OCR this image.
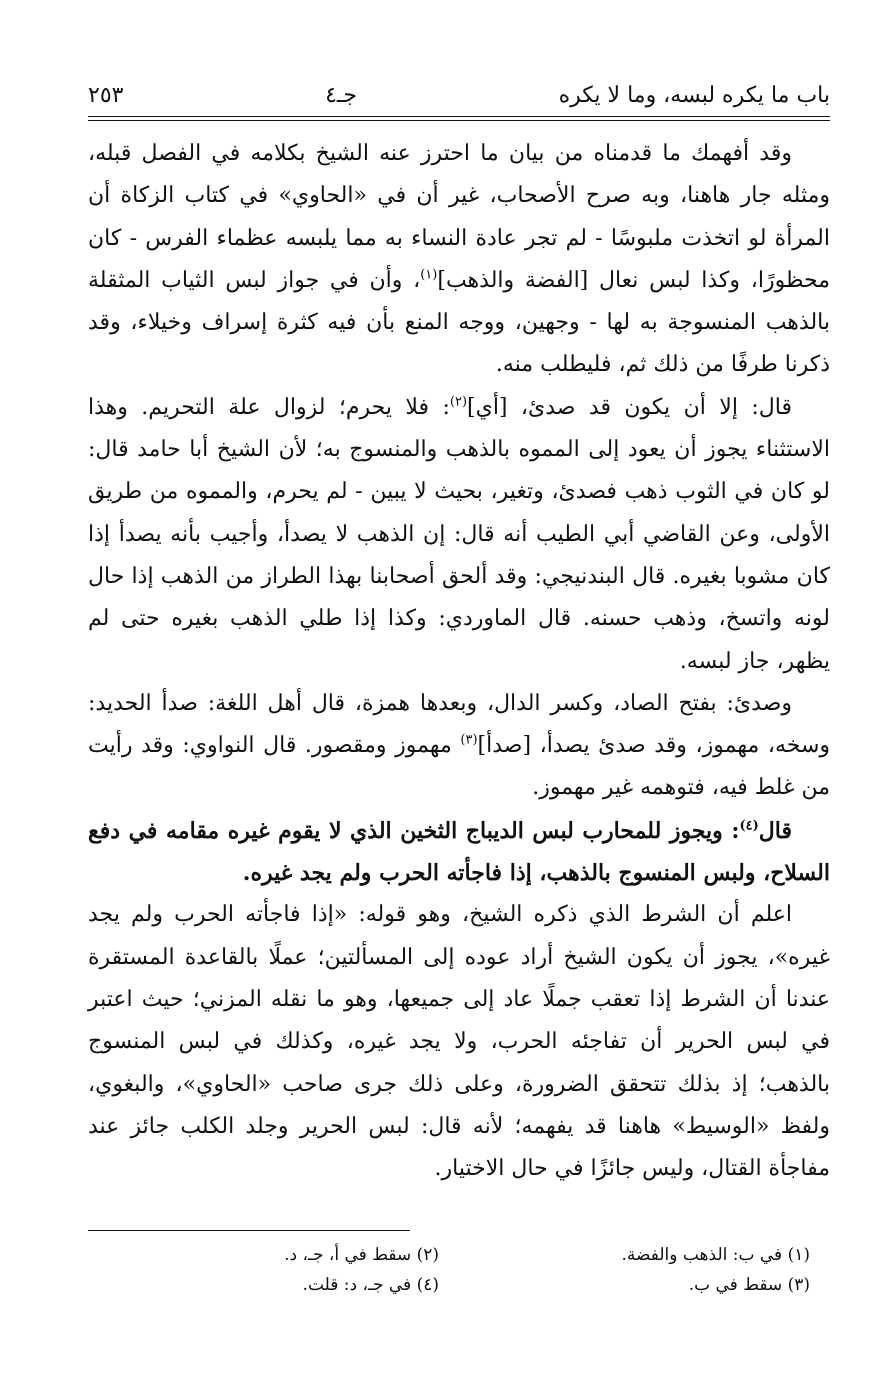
باب ما يكره لبسه، وما لا يكره
جـ٤
٢٥٣

وقد أفهمك ما قدمناه من بيان ما احترز عنه الشيخ بكلامه في الفصل قبله، ومثله جار هاهنا، وبه صرح الأصحاب، غير أن في «الحاوي» في كتاب الزكاة أن المرأة لو اتخذت ملبوسًا - لم تجر عادة النساء به مما يلبسه عظماء الفرس - كان محظورًا، وكذا لبس نعال [الفضة والذهب]$^{(١)}$، وأن في جواز لبس الثياب المثقلة بالذهب المنسوجة به لها - وجهين، ووجه المنع بأن فيه كثرة إسراف وخيلاء، وقد ذكرنا طرفًا من ذلك ثم، فليطلب منه.

قال: إلا أن يكون قد صدئ، [أي]$^{(٢)}$: فلا يحرم؛ لزوال علة التحريم. وهذا الاستثناء يجوز أن يعود إلى المموه بالذهب والمنسوج به؛ لأن الشيخ أبا حامد قال: لو كان في الثوب ذهب فصدئ، وتغير، بحيث لا يبين - لم يحرم، والمموه من طريق الأولى، وعن القاضي أبي الطيب أنه قال: إن الذهب لا يصدأ، وأجيب بأنه يصدأ إذا كان مشوبا بغيره. قال البندنيجي: وقد ألحق أصحابنا بهذا الطراز من الذهب إذا حال لونه واتسخ، وذهب حسنه. قال الماوردي: وكذا إذا طلي الذهب بغيره حتى لم يظهر، جاز لبسه.

وصدئ: بفتح الصاد، وكسر الدال، وبعدها همزة، قال أهل اللغة: صدأ الحديد: وسخه، مهموز، وقد صدئ يصدأ، [صدأ]$^{(٣)}$ مهموز ومقصور. قال النواوي: وقد رأيت من غلط فيه، فتوهمه غير مهموز.

قال$^{(٤)}$: ويجوز للمحارب لبس الديباج الثخين الذي لا يقوم غيره مقامه في دفع السلاح، ولبس المنسوج بالذهب، إذا فاجأته الحرب ولم يجد غيره.

اعلم أن الشرط الذي ذكره الشيخ، وهو قوله: «إذا فاجأته الحرب ولم يجد غيره»، يجوز أن يكون الشيخ أراد عوده إلى المسألتين؛ عملًا بالقاعدة المستقرة عندنا أن الشرط إذا تعقب جملًا عاد إلى جميعها، وهو ما نقله المزني؛ حيث اعتبر في لبس الحرير أن تفاجئه الحرب، ولا يجد غيره، وكذلك في لبس المنسوج بالذهب؛ إذ بذلك تتحقق الضرورة، وعلى ذلك جرى صاحب «الحاوي»، والبغوي، ولفظ «الوسيط» هاهنا قد يفهمه؛ لأنه قال: لبس الحرير وجلد الكلب جائز عند مفاجأة القتال، وليس جائزًا في حال الاختيار.

(١) في ب: الذهب والفضة.
(٢) سقط في أ، جـ، د.
(٣) سقط في ب.
(٤) في جـ، د: قلت.
